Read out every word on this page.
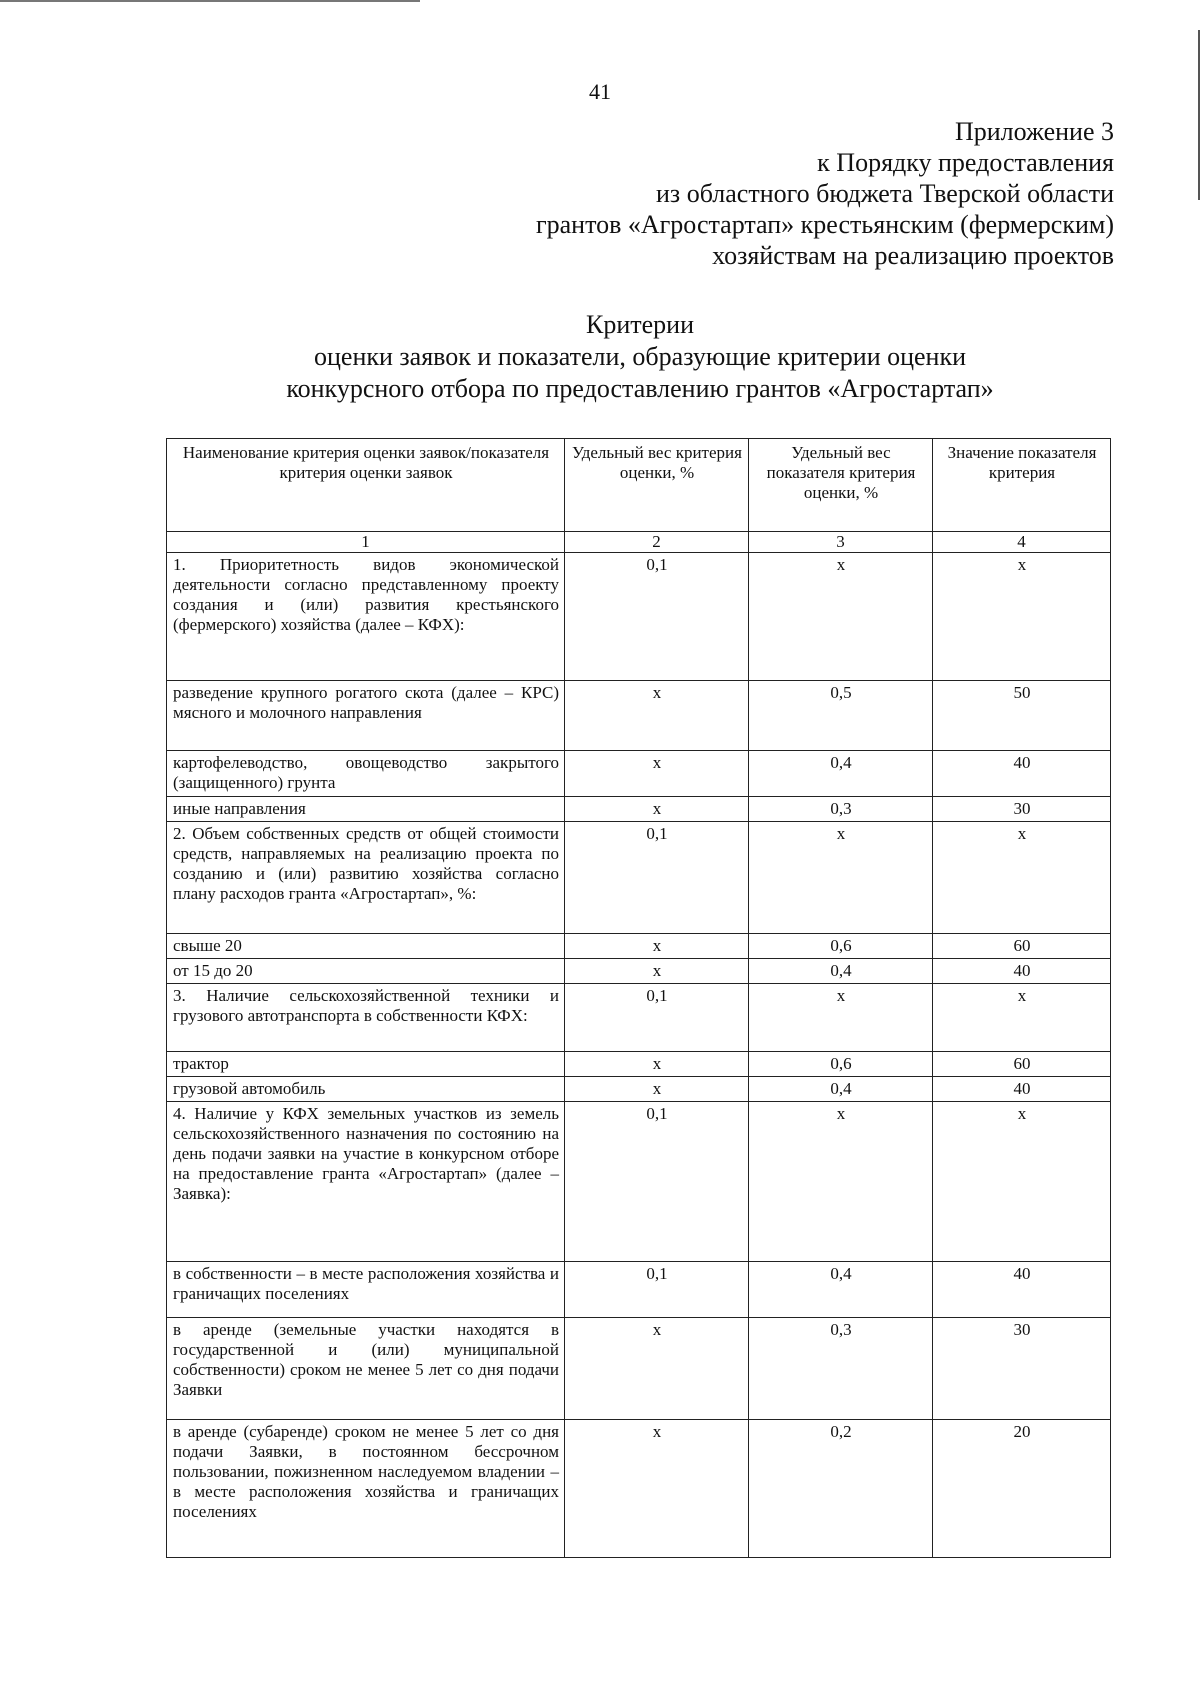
41
Приложение 3
к Порядку предоставления
из областного бюджета Тверской области
грантов «Агростартап» крестьянским (фермерским)
хозяйствам на реализацию проектов
Критерии
оценки заявок и показатели, образующие критерии оценки
конкурсного отбора по предоставлению грантов «Агростартап»
Наименование критерия оценки заявок/показателя критерия оценки заявок	Удельный вес критерия оценки, %	Удельный вес показателя критерия оценки, %	Значение показателя критерия
1	2	3	4
1. Приоритетность видов экономической деятельности согласно представленному проекту создания и (или) развития крестьянского (фермерского) хозяйства (далее – КФХ):	0,1	x	x
разведение крупного рогатого скота (далее – КРС) мясного и молочного направления	x	0,5	50
картофелеводство, овощеводство закрытого (защищенного) грунта	x	0,4	40
иные направления	x	0,3	30
2. Объем собственных средств от общей стоимости средств, направляемых на реализацию проекта по созданию и (или) развитию хозяйства согласно плану расходов гранта «Агростартап», %:	0,1	x	x
свыше 20	x	0,6	60
от 15 до 20	x	0,4	40
3. Наличие сельскохозяйственной техники и грузового автотранспорта в собственности КФХ:	0,1	x	x
трактор	x	0,6	60
грузовой автомобиль	x	0,4	40
4. Наличие у КФХ земельных участков из земель сельскохозяйственного назначения по состоянию на день подачи заявки на участие в конкурсном отборе на предоставление гранта «Агростартап» (далее – Заявка):	0,1	x	x
в собственности – в месте расположения хозяйства и граничащих поселениях	0,1	0,4	40
в аренде (земельные участки находятся в государственной и (или) муниципальной собственности) сроком не менее 5 лет со дня подачи Заявки	x	0,3	30
в аренде (субаренде) сроком не менее 5 лет со дня подачи Заявки, в постоянном бессрочном пользовании, пожизненном наследуемом владении – в месте расположения хозяйства и граничащих поселениях	x	0,2	20
